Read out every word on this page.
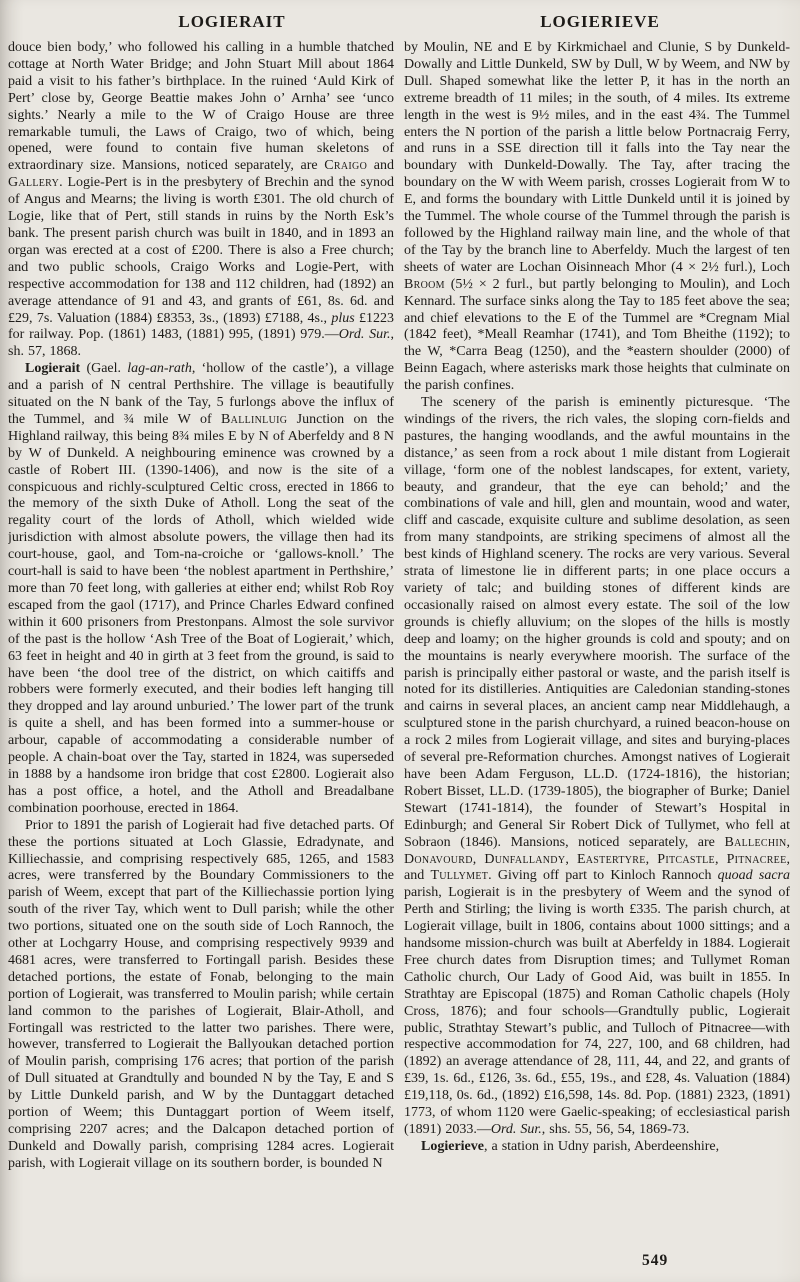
LOGIERAIT	LOGIERIEVE

douce bien body,’ who followed his calling in a humble thatched cottage at North Water Bridge; and John Stuart Mill about 1864 paid a visit to his father’s birthplace. In the ruined ‘Auld Kirk of Pert’ close by, George Beattie makes John o’ Arnha’ see ‘unco sights.’ Nearly a mile to the W of Craigo House are three remarkable tumuli, the Laws of Craigo, two of which, being opened, were found to contain five human skeletons of extraordinary size. Mansions, noticed separately, are Craigo and Gallery. Logie-Pert is in the presbytery of Brechin and the synod of Angus and Mearns; the living is worth £301. The old church of Logie, like that of Pert, still stands in ruins by the North Esk’s bank. The present parish church was built in 1840, and in 1893 an organ was erected at a cost of £200. There is also a Free church; and two public schools, Craigo Works and Logie-Pert, with respective accommodation for 138 and 112 children, had (1892) an average attendance of 91 and 43, and grants of £61, 8s. 6d. and £29, 7s. Valuation (1884) £8353, 3s., (1893) £7188, 4s., plus £1223 for railway. Pop. (1861) 1483, (1881) 995, (1891) 979.—Ord. Sur., sh. 57, 1868.

Logierait (Gael. lag-an-rath, ‘hollow of the castle’), a village and a parish of N central Perthshire. The village is beautifully situated on the N bank of the Tay, 5 furlongs above the influx of the Tummel, and ¾ mile W of Ballinluig Junction on the Highland railway, this being 8¾ miles E by N of Aberfeldy and 8 N by W of Dunkeld. A neighbouring eminence was crowned by a castle of Robert III. (1390-1406), and now is the site of a conspicuous and richly-sculptured Celtic cross, erected in 1866 to the memory of the sixth Duke of Atholl. Long the seat of the regality court of the lords of Atholl, which wielded wide jurisdiction with almost absolute powers, the village then had its court-house, gaol, and Tom-na-croiche or ‘gallows-knoll.’ The court-hall is said to have been ‘the noblest apartment in Perthshire,’ more than 70 feet long, with galleries at either end; whilst Rob Roy escaped from the gaol (1717), and Prince Charles Edward confined within it 600 prisoners from Prestonpans. Almost the sole survivor of the past is the hollow ‘Ash Tree of the Boat of Logierait,’ which, 63 feet in height and 40 in girth at 3 feet from the ground, is said to have been ‘the dool tree of the district, on which caitiffs and robbers were formerly executed, and their bodies left hanging till they dropped and lay around unburied.’ The lower part of the trunk is quite a shell, and has been formed into a summer-house or arbour, capable of accommodating a considerable number of people. A chain-boat over the Tay, started in 1824, was superseded in 1888 by a handsome iron bridge that cost £2800. Logierait also has a post office, a hotel, and the Atholl and Breadalbane combination poorhouse, erected in 1864.

Prior to 1891 the parish of Logierait had five detached parts. Of these the portions situated at Loch Glassie, Edradynate, and Killiechassie, and comprising respectively 685, 1265, and 1583 acres, were transferred by the Boundary Commissioners to the parish of Weem, except that part of the Killiechassie portion lying south of the river Tay, which went to Dull parish; while the other two portions, situated one on the south side of Loch Rannoch, the other at Lochgarry House, and comprising respectively 9939 and 4681 acres, were transferred to Fortingall parish. Besides these detached portions, the estate of Fonab, belonging to the main portion of Logierait, was transferred to Moulin parish; while certain land common to the parishes of Logierait, Blair-Atholl, and Fortingall was restricted to the latter two parishes. There were, however, transferred to Logierait the Ballyoukan detached portion of Moulin parish, comprising 176 acres; that portion of the parish of Dull situated at Grandtully and bounded N by the Tay, E and S by Little Dunkeld parish, and W by the Duntaggart detached portion of Weem; this Duntaggart portion of Weem itself, comprising 2207 acres; and the Dalcapon detached portion of Dunkeld and Dowally parish, comprising 1284 acres. Logierait parish, with Logierait village on its southern border, is bounded N

by Moulin, NE and E by Kirkmichael and Clunie, S by Dunkeld-Dowally and Little Dunkeld, SW by Dull, W by Weem, and NW by Dull. Shaped somewhat like the letter P, it has in the north an extreme breadth of 11 miles; in the south, of 4 miles. Its extreme length in the west is 9½ miles, and in the east 4¾. The Tummel enters the N portion of the parish a little below Portnacraig Ferry, and runs in a SSE direction till it falls into the Tay near the boundary with Dunkeld-Dowally. The Tay, after tracing the boundary on the W with Weem parish, crosses Logierait from W to E, and forms the boundary with Little Dunkeld until it is joined by the Tummel. The whole course of the Tummel through the parish is followed by the Highland railway main line, and the whole of that of the Tay by the branch line to Aberfeldy. Much the largest of ten sheets of water are Lochan Oisinneach Mhor (4 × 2½ furl.), Loch Broom (5½ × 2 furl., but partly belonging to Moulin), and Loch Kennard. The surface sinks along the Tay to 185 feet above the sea; and chief elevations to the E of the Tummel are *Cregnam Mial (1842 feet), *Meall Reamhar (1741), and Tom Bheithe (1192); to the W, *Carra Beag (1250), and the *eastern shoulder (2000) of Beinn Eagach, where asterisks mark those heights that culminate on the parish confines.

The scenery of the parish is eminently picturesque. ‘The windings of the rivers, the rich vales, the sloping corn-fields and pastures, the hanging woodlands, and the awful mountains in the distance,’ as seen from a rock about 1 mile distant from Logierait village, ‘form one of the noblest landscapes, for extent, variety, beauty, and grandeur, that the eye can behold;’ and the combinations of vale and hill, glen and mountain, wood and water, cliff and cascade, exquisite culture and sublime desolation, as seen from many standpoints, are striking specimens of almost all the best kinds of Highland scenery. The rocks are very various. Several strata of limestone lie in different parts; in one place occurs a variety of talc; and building stones of different kinds are occasionally raised on almost every estate. The soil of the low grounds is chiefly alluvium; on the slopes of the hills is mostly deep and loamy; on the higher grounds is cold and spouty; and on the mountains is nearly everywhere moorish. The surface of the parish is principally either pastoral or waste, and the parish itself is noted for its distilleries. Antiquities are Caledonian standing-stones and cairns in several places, an ancient camp near Middlehaugh, a sculptured stone in the parish churchyard, a ruined beacon-house on a rock 2 miles from Logierait village, and sites and burying-places of several pre-Reformation churches. Amongst natives of Logierait have been Adam Ferguson, LL.D. (1724-1816), the historian; Robert Bisset, LL.D. (1739-1805), the biographer of Burke; Daniel Stewart (1741-1814), the founder of Stewart’s Hospital in Edinburgh; and General Sir Robert Dick of Tullymet, who fell at Sobraon (1846). Mansions, noticed separately, are Ballechin, Donavourd, Dunfallandy, Eastertyre, Pitcastle, Pitnacree, and Tullymet. Giving off part to Kinloch Rannoch quoad sacra parish, Logierait is in the presbytery of Weem and the synod of Perth and Stirling; the living is worth £335. The parish church, at Logierait village, built in 1806, contains about 1000 sittings; and a handsome mission-church was built at Aberfeldy in 1884. Logierait Free church dates from Disruption times; and Tullymet Roman Catholic church, Our Lady of Good Aid, was built in 1855. In Strathtay are Episcopal (1875) and Roman Catholic chapels (Holy Cross, 1876); and four schools—Grandtully public, Logierait public, Strathtay Stewart’s public, and Tulloch of Pitnacree—with respective accommodation for 74, 227, 100, and 68 children, had (1892) an average attendance of 28, 111, 44, and 22, and grants of £39, 1s. 6d., £126, 3s. 6d., £55, 19s., and £28, 4s. Valuation (1884) £19,118, 0s. 6d., (1892) £16,598, 14s. 8d. Pop. (1881) 2323, (1891) 1773, of whom 1120 were Gaelic-speaking; of ecclesiastical parish (1891) 2033.—Ord. Sur., shs. 55, 56, 54, 1869-73.

Logierieve, a station in Udny parish, Aberdeenshire,

549
